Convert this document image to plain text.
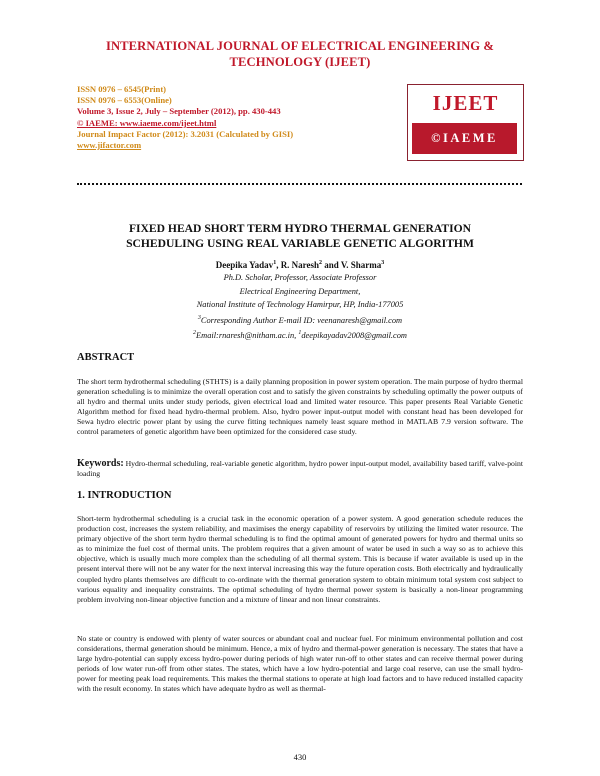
INTERNATIONAL JOURNAL OF ELECTRICAL ENGINEERING &
TECHNOLOGY (IJEET)
ISSN 0976 – 6545(Print)
ISSN 0976 – 6553(Online)
Volume 3, Issue 2, July – September (2012), pp. 430-443
© IAEME: www.iaeme.com/ijeet.html
Journal Impact Factor (2012): 3.2031 (Calculated by GISI)
www.jifactor.com
IJEET
©IAEME
FIXED HEAD SHORT TERM HYDRO THERMAL GENERATION
SCHEDULING USING REAL VARIABLE GENETIC ALGORITHM
Deepika Yadav$^1$, R. Naresh$^2$ and V. Sharma$^3$
Ph.D. Scholar, Professor, Associate Professor
Electrical Engineering Department,
National Institute of Technology Hamirpur, HP, India-177005
$^3$Corresponding Author E-mail ID: veenanaresh@gmail.com
$^2$Email:rnaresh@nitham.ac.in, $^1$deepikayadav2008@gmail.com
ABSTRACT
The short term hydrothermal scheduling (STHTS) is a daily planning proposition in power system operation. The main purpose of hydro thermal generation scheduling is to minimize the overall operation cost and to satisfy the given constraints by scheduling optimally the power outputs of all hydro and thermal units under study periods, given electrical load and limited water resource. This paper presents Real Variable Genetic Algorithm method for fixed head hydro-thermal problem. Also, hydro power input-output model with constant head has been developed for Sewa hydro electric power plant by using the curve fitting techniques namely least square method in MATLAB 7.9 version software. The control parameters of genetic algorithm have been optimized for the considered case study.
Keywords: Hydro-thermal scheduling, real-variable genetic algorithm, hydro power input-output model, availability based tariff, valve-point loading
1. INTRODUCTION
Short-term hydrothermal scheduling is a crucial task in the economic operation of a power system. A good generation schedule reduces the production cost, increases the system reliability, and maximises the energy capability of reservoirs by utilizing the limited water resource. The primary objective of the short term hydro thermal scheduling is to find the optimal amount of generated powers for hydro and thermal units so as to minimize the fuel cost of thermal units. The problem requires that a given amount of water be used in such a way so as to achieve this objective, which is usually much more complex than the scheduling of all thermal system. This is because if water available is used up in the present interval there will not be any water for the next interval increasing this way the future operation costs. Both electrically and hydraulically coupled hydro plants themselves are difficult to co-ordinate with the thermal generation system to obtain minimum total system cost subject to various equality and inequality constraints. The optimal scheduling of hydro thermal power system is basically a non-linear programming problem involving non-linear objective function and a mixture of linear and non linear constraints.
No state or country is endowed with plenty of water sources or abundant coal and nuclear fuel. For minimum environmental pollution and cost considerations, thermal generation should be minimum. Hence, a mix of hydro and thermal-power generation is necessary. The states that have a large hydro-potential can supply excess hydro-power during periods of high water run-off to other states and can receive thermal power during periods of low water run-off from other states. The states, which have a low hydro-potential and large coal reserve, can use the small hydro-power for meeting peak load requirements. This makes the thermal stations to operate at high load factors and to have reduced installed capacity with the result economy. In states which have adequate hydro as well as thermal-
430
